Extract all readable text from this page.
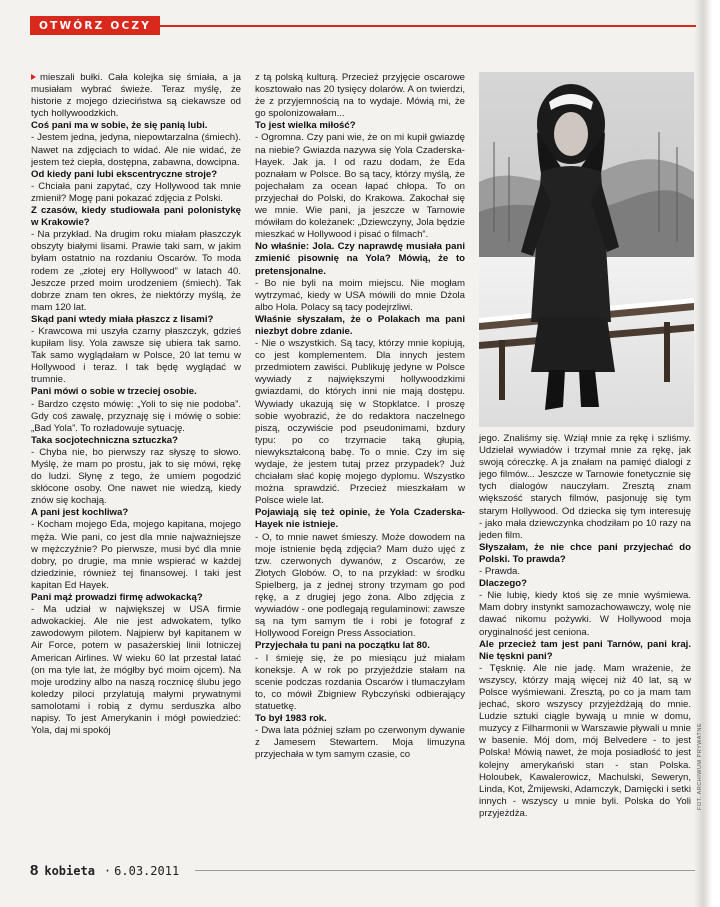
OTWÓRZ OCZY

mieszali bułki. Cała kolejka się śmiała, a ja musiałam wybrać świeże. Teraz myślę, że historie z mojego dzieciństwa są ciekawsze od tych hollywoodzkich.

Coś pani ma w sobie, że się panią lubi.

- Jestem jedna, jedyna, niepowtarzalna (śmiech). Nawet na zdjęciach to widać. Ale nie widać, że jestem też ciepła, dostępna, zabawna, dowcipna.

Od kiedy pani lubi ekscentryczne stroje?

- Chciała pani zapytać, czy Hollywood tak mnie zmienił? Mogę pani pokazać zdjęcia z Polski.

Z czasów, kiedy studiowała pani polonistykę w Krakowie?

- Na przykład. Na drugim roku miałam płaszczyk obszyty białymi lisami. Prawie taki sam, w jakim byłam ostatnio na rozdaniu Oscarów. To moda rodem ze „złotej ery Hollywood” w latach 40. Jeszcze przed moim urodzeniem (śmiech). Tak dobrze znam ten okres, że niektórzy myślą, że mam 120 lat.

Skąd pani wtedy miała płaszcz z lisami?

- Krawcowa mi uszyła czarny płaszczyk, gdzieś kupiłam lisy. Yola zawsze się ubiera tak samo. Tak samo wyglądałam w Polsce, 20 lat temu w Hollywood i teraz. I tak będę wyglądać w trumnie.

Pani mówi o sobie w trzeciej osobie.

- Bardzo często mówię: „Yoli to się nie podoba”. Gdy coś zawalę, przyznaję się i mówię o sobie: „Bad Yola”. To rozładowuje sytuację.

Taka socjotechniczna sztuczka?

- Chyba nie, bo pierwszy raz słyszę to słowo. Myślę, że mam po prostu, jak to się mówi, rękę do ludzi. Słynę z tego, że umiem pogodzić skłócone osoby. One nawet nie wiedzą, kiedy znów się kochają.

A pani jest kochliwa?

- Kocham mojego Eda, mojego kapitana, mojego męża. Wie pani, co jest dla mnie najważniejsze w mężczyźnie? Po pierwsze, musi być dla mnie dobry, po drugie, ma mnie wspierać w każdej dziedzinie, również tej finansowej. I taki jest kapitan Ed Hayek.

Pani mąż prowadzi firmę adwokacką?

- Ma udział w największej w USA firmie adwokackiej. Ale nie jest adwokatem, tylko zawodowym pilotem. Najpierw był kapitanem w Air Force, potem w pasażerskiej linii lotniczej American Airlines. W wieku 60 lat przestał latać (on ma tyle lat, że mógłby być moim ojcem). Na moje urodziny albo na naszą rocznicę ślubu jego koledzy piloci przylatują małymi prywatnymi samolotami i robią z dymu serduszka albo napisy. To jest Amerykanin i mógł powiedzieć: Yola, daj mi spokój

z tą polską kulturą. Przecież przyjęcie oscarowe kosztowało nas 20 tysięcy dolarów. A on twierdzi, że z przyjemnością na to wydaje. Mówią mi, że go spolonizowałam...

To jest wielka miłość?

- Ogromna. Czy pani wie, że on mi kupił gwiazdę na niebie? Gwiazda nazywa się Yola Czaderska-Hayek. Jak ja. I od razu dodam, że Eda poznałam w Polsce. Bo są tacy, którzy myślą, że pojechałam za ocean łapać chłopa. To on przyjechał do Polski, do Krakowa. Zakochał się we mnie. Wie pani, ja jeszcze w Tarnowie mówiłam do koleżanek: „Dziewczyny, Jola będzie mieszkać w Hollywood i pisać o filmach”.

No właśnie: Jola. Czy naprawdę musiała pani zmienić pisownię na Yola? Mówią, że to pretensjonalne.

- Bo nie byli na moim miejscu. Nie mogłam wytrzymać, kiedy w USA mówili do mnie Dżola albo Hola. Polacy są tacy podejrzliwi.

Właśnie słyszałam, że o Polakach ma pani niezbyt dobre zdanie.

- Nie o wszystkich. Są tacy, którzy mnie kopiują, co jest komplementem. Dla innych jestem przedmiotem zawiści. Publikuję jedyne w Polsce wywiady z największymi hollywoodzkimi gwiazdami, do których inni nie mają dostępu. Wywiady ukazują się w Stopklatce. I proszę sobie wyobrazić, że do redaktora naczelnego piszą, oczywiście pod pseudonimami, bzdury typu: po co trzymacie taką głupią, niewykształconą babę. To o mnie. Czy im się wydaje, że jestem tutaj przez przypadek? Już chciałam słać kopię mojego dyplomu. Wszystko można sprawdzić. Przecież mieszkałam w Polsce wiele lat.

Pojawiają się też opinie, że Yola Czaderska-Hayek nie istnieje.

- O, to mnie nawet śmieszy. Może dowodem na moje istnienie będą zdjęcia? Mam dużo ujęć z tzw. czerwonych dywanów, z Oscarów, ze Złotych Globów. O, to na przykład: w środku Spielberg, ja z jednej strony trzymam go pod rękę, a z drugiej jego żona. Albo zdjęcia z wywiadów - one podlegają regulaminowi: zawsze są na tym samym tle i robi je fotograf z Hollywood Foreign Press Association.

Przyjechała tu pani na początku lat 80.

- I śmieję się, że po miesiącu już miałam koneksje. A w rok po przyjeździe stałam na scenie podczas rozdania Oscarów i tłumaczyłam to, co mówił Zbigniew Rybczyński odbierający statuetkę.

To był 1983 rok.

- Dwa lata później szłam po czerwonym dywanie z Jamesem Stewartem. Moja limuzyna przyjechała w tym samym czasie, co

jego. Znaliśmy się. Wziął mnie za rękę i szliśmy. Udzielał wywiadów i trzymał mnie za rękę, jak swoją córeczkę. A ja znałam na pamięć dialogi z jego filmów... Jeszcze w Tarnowie fonetycznie się tych dialogów nauczyłam. Zresztą znam większość starych filmów, pasjonuję się tym starym Hollywood. Od dziecka się tym interesuję - jako mała dziewczynka chodziłam po 10 razy na jeden film.

Słyszałam, że nie chce pani przyjechać do Polski. To prawda?

- Prawda.

Dlaczego?

- Nie lubię, kiedy ktoś się ze mnie wyśmiewa. Mam dobry instynkt samozachowawczy, wolę nie dawać nikomu pożywki. W Hollywood moja oryginalność jest ceniona.

Ale przecież tam jest pani Tarnów, pani kraj. Nie tęskni pani?

- Tęsknię. Ale nie jadę. Mam wrażenie, że wszyscy, którzy mają więcej niż 40 lat, są w Polsce wyśmiewani. Zresztą, po co ja mam tam jechać, skoro wszyscy przyjeżdżają do mnie. Ludzie sztuki ciągle bywają u mnie w domu, muzycy z Filharmonii w Warszawie pływali u mnie w basenie. Mój dom, mój Belvedere - to jest Polska! Mówią nawet, że moja posiadłość to jest kolejny amerykański stan - stan Polska. Holoubek, Kawalerowicz, Machulski, Seweryn, Linda, Kot, Żmijewski, Adamczyk, Damięcki i setki innych - wszyscy u mnie byli. Polska do Yoli przyjeżdża.

FOT. ARCHIWUM PRYWATNE
8 kobieta
·	6.03.2011
